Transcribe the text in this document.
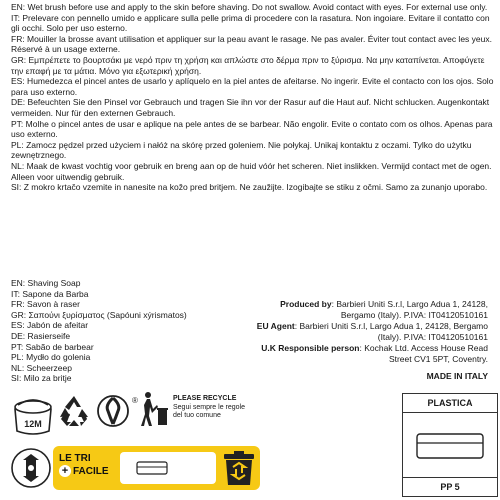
EN: Wet brush before use and apply to the skin before shaving. Do not swallow. Avoid contact with eyes. For external use only.
IT: Prelevare con pennello umido e applicare sulla pelle prima di procedere con la rasatura. Non ingoiare. Evitare il contatto con gli occhi. Solo per uso esterno.
FR: Mouiller la brosse avant utilisation et appliquer sur la peau avant le rasage. Ne pas avaler. Éviter tout contact avec les yeux. Réservé à un usage externe.
GR: Εμπρέπετε το βουρτσάκι με νερό πριν τη χρήση και απλώστε στο δέρμα πριν το ξύρισμα. Να μην καταπίνεται. Αποφύγετε την επαφή με τα μάτια. Μόνο για εξωτερική χρήση.
ES: Humedezca el pincel antes de usarlo y aplíquelo en la piel antes de afeitarse. No ingerir. Evite el contacto con los ojos. Solo para uso externo.
DE: Befeuchten Sie den Pinsel vor Gebrauch und tragen Sie ihn vor der Rasur auf die Haut auf. Nicht schlucken. Augenkontakt vermeiden. Nur für den externen Gebrauch.
PT: Molhe o pincel antes de usar e aplique na pele antes de se barbear. Não engolir. Evite o contato com os olhos. Apenas para uso externo.
PL: Zamocz pędzel przed użyciem i nałóż na skórę przed goleniem. Nie połykaj. Unikaj kontaktu z oczami. Tylko do użytku zewnętrznego.
NL: Maak de kwast vochtig voor gebruik en breng aan op de huid vóór het scheren. Niet inslikken. Vermijd contact met de ogen. Alleen voor uitwendig gebruik.
SI: Z mokro krtačo vzemite in nanesite na kožo pred britjem. Ne zaužijte. Izogibajte se stiku z očmi. Samo za zunanjo uporabo.
EN: Shaving Soap
IT: Sapone da Barba
FR: Savon à raser
GR: Σαπούνι ξυρίσματος (Sapóuni xýrismatos)
ES: Jabón de afeitar
DE: Rasierseife
PT: Sabão de barbear
PL: Mydło do golenia
NL: Scheerzeep
SI: Milo za britje

Produced by: Barbieri Uniti S.r.l, Largo Adua 1, 24128, Bergamo (Italy). P.IVA: IT04120510161

EU Agent: Barbieri Uniti S.r.l, Largo Adua 1, 24128, Bergamo (Italy). P.IVA: IT04120510161

U.K Responsible person: Kochak Ltd. Access House Read Street CV1 5PT, Coventry.

MADE IN ITALY
12M
®	PLEASE RECYCLE
Segui sempre le regole
del tuo comune
LE TRI
+ FACILE
PLASTICA
PP 5
